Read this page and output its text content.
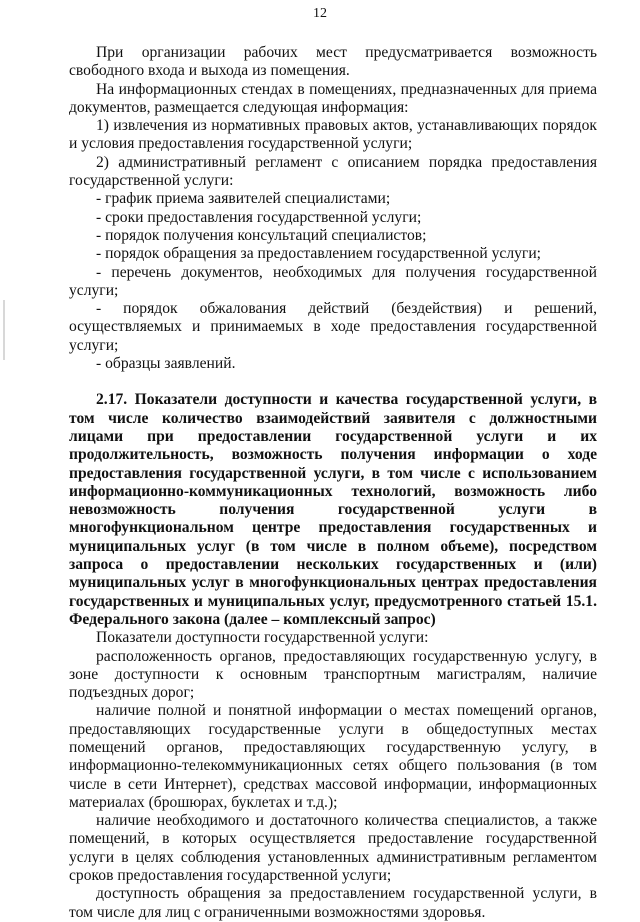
12

При организации рабочих мест предусматривается возможность свободного входа и выхода из помещения.

На информационных стендах в помещениях, предназначенных для приема документов, размещается следующая информация:

1) извлечения из нормативных правовых актов, устанавливающих порядок и условия предоставления государственной услуги;

2) административный регламент с описанием порядка предоставления государственной услуги:

- график приема заявителей специалистами;

- сроки предоставления государственной услуги;

- порядок получения консультаций специалистов;

- порядок обращения за предоставлением государственной услуги;

- перечень документов, необходимых для получения государственной услуги;

- порядок обжалования действий (бездействия) и решений, осуществляемых и принимаемых в ходе предоставления государственной услуги;

- образцы заявлений.

2.17. Показатели доступности и качества государственной услуги, в том числе количество взаимодействий заявителя с должностными лицами при предоставлении государственной услуги и их продолжительность, возможность получения информации о ходе предоставления государственной услуги, в том числе с использованием информационно-коммуникационных технологий, возможность либо невозможность получения государственной услуги в многофункциональном центре предоставления государственных и муниципальных услуг (в том числе в полном объеме), посредством запроса о предоставлении нескольких государственных и (или) муниципальных услуг в многофункциональных центрах предоставления государственных и муниципальных услуг, предусмотренного статьей 15.1. Федерального закона (далее – комплексный запрос)

Показатели доступности государственной услуги:

расположенность органов, предоставляющих государственную услугу, в зоне доступности к основным транспортным магистралям, наличие подъездных дорог;

наличие полной и понятной информации о местах помещений органов, предоставляющих государственные услуги в общедоступных местах помещений органов, предоставляющих государственную услугу, в информационно-телекоммуникационных сетях общего пользования (в том числе в сети Интернет), средствах массовой информации, информационных материалах (брошюрах, буклетах и т.д.);

наличие необходимого и достаточного количества специалистов, а также помещений, в которых осуществляется предоставление государственной услуги в целях соблюдения установленных административным регламентом сроков предоставления государственной услуги;

доступность обращения за предоставлением государственной услуги, в том числе для лиц с ограниченными возможностями здоровья.
